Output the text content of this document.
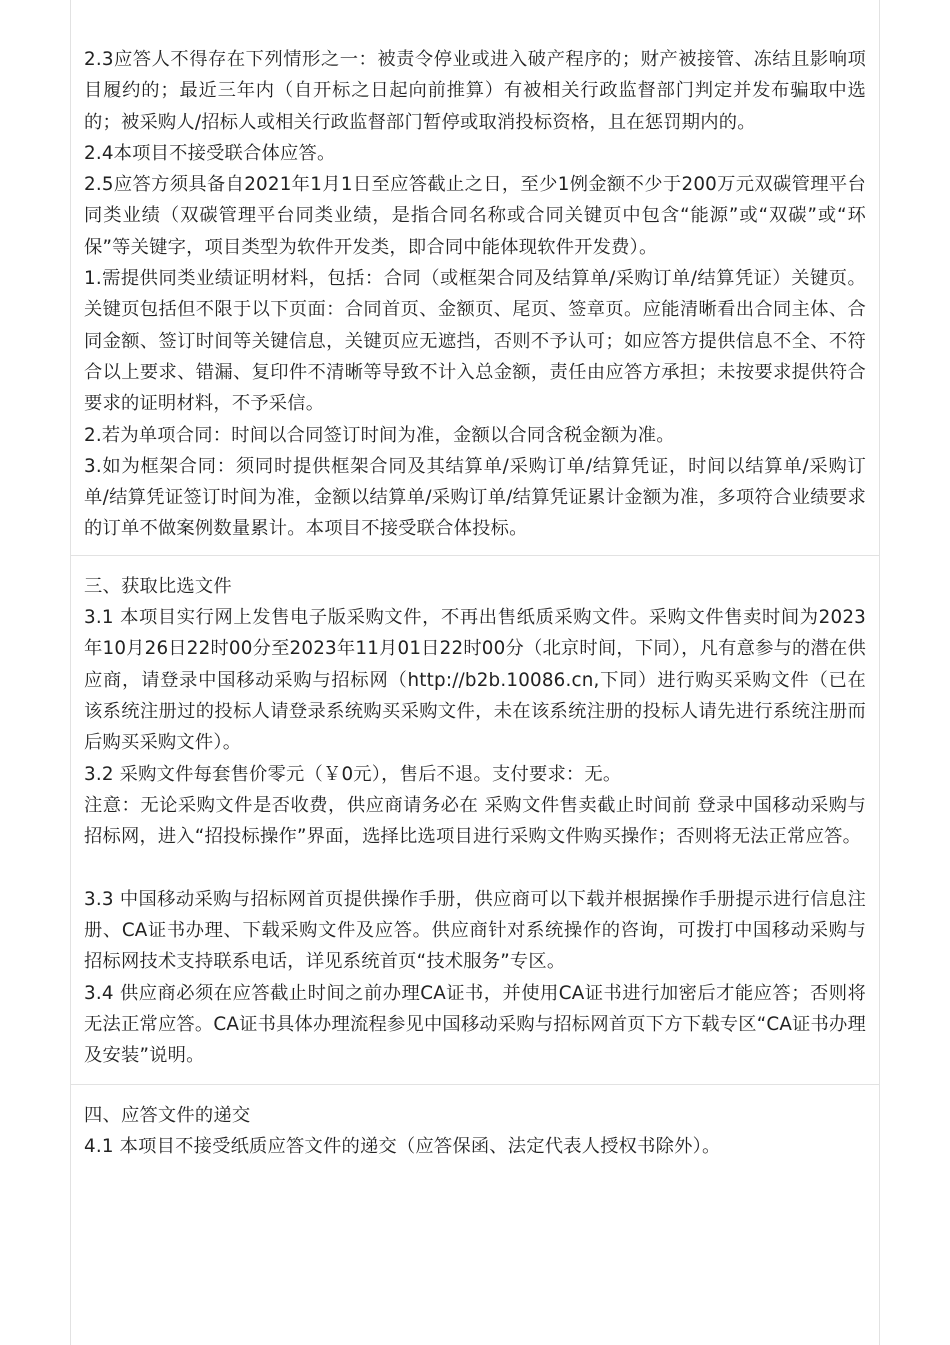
2.3应答人不得存在下列情形之一：被责令停业或进入破产程序的；财产被接管、冻结且影响项目履约的；最近三年内（自开标之日起向前推算）有被相关行政监督部门判定并发布骗取中选的；被采购人/招标人或相关行政监督部门暂停或取消投标资格，且在惩罚期内的。

2.4本项目不接受联合体应答。

2.5应答方须具备自2021年1月1日至应答截止之日，至少1例金额不少于200万元双碳管理平台同类业绩（双碳管理平台同类业绩，是指合同名称或合同关键页中包含“能源”或“双碳”或“环保”等关键字，项目类型为软件开发类，即合同中能体现软件开发费）。

1.需提供同类业绩证明材料，包括：合同（或框架合同及结算单/采购订单/结算凭证）关键页。关键页包括但不限于以下页面：合同首页、金额页、尾页、签章页。应能清晰看出合同主体、合同金额、签订时间等关键信息，关键页应无遮挡，否则不予认可；如应答方提供信息不全、不符合以上要求、错漏、复印件不清晰等导致不计入总金额，责任由应答方承担；未按要求提供符合要求的证明材料，不予采信。

2.若为单项合同：时间以合同签订时间为准，金额以合同含税金额为准。

3.如为框架合同：须同时提供框架合同及其结算单/采购订单/结算凭证，时间以结算单/采购订单/结算凭证签订时间为准，金额以结算单/采购订单/结算凭证累计金额为准，多项符合业绩要求的订单不做案例数量累计。本项目不接受联合体投标。

三、获取比选文件

3.1 本项目实行网上发售电子版采购文件，不再出售纸质采购文件。采购文件售卖时间为2023年10月26日22时00分至2023年11月01日22时00分（北京时间，下同），凡有意参与的潜在供应商，请登录中国移动采购与招标网（http://b2b.10086.cn,下同）进行购买采购文件（已在该系统注册过的投标人请登录系统购买采购文件，未在该系统注册的投标人请先进行系统注册而后购买采购文件）。

3.2 采购文件每套售价零元（￥0元），售后不退。支付要求：无。

注意：无论采购文件是否收费，供应商请务必在 采购文件售卖截止时间前 登录中国移动采购与招标网，进入“招投标操作”界面，选择比选项目进行采购文件购买操作；否则将无法正常应答。

3.3 中国移动采购与招标网首页提供操作手册，供应商可以下载并根据操作手册提示进行信息注册、CA证书办理、下载采购文件及应答。供应商针对系统操作的咨询，可拨打中国移动采购与招标网技术支持联系电话，详见系统首页“技术服务”专区。

3.4 供应商必须在应答截止时间之前办理CA证书，并使用CA证书进行加密后才能应答；否则将无法正常应答。CA证书具体办理流程参见中国移动采购与招标网首页下方下载专区“CA证书办理及安装”说明。

四、应答文件的递交

4.1 本项目不接受纸质应答文件的递交（应答保函、法定代表人授权书除外）。
